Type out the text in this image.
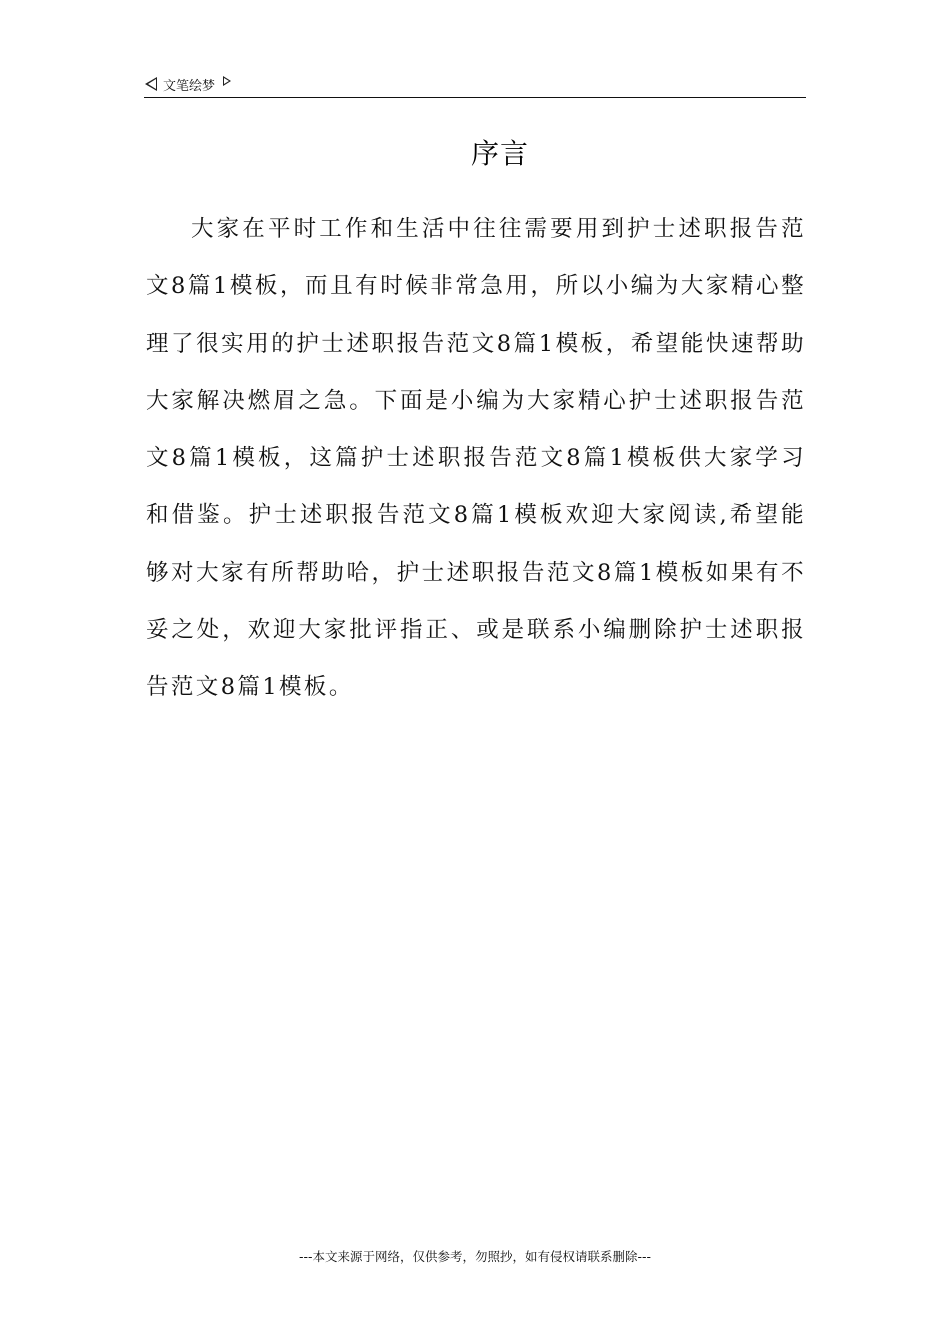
文笔绘梦
序言

大家在平时工作和生活中往往需要用到护士述职报告范文8篇1模板，而且有时候非常急用，所以小编为大家精心整理了很实用的护士述职报告范文8篇1模板，希望能快速帮助大家解决燃眉之急。下面是小编为大家精心护士述职报告范文8篇1模板，这篇护士述职报告范文8篇1模板供大家学习和借鉴。护士述职报告范文8篇1模板欢迎大家阅读,希望能够对大家有所帮助哈，护士述职报告范文8篇1模板如果有不妥之处，欢迎大家批评指正、或是联系小编删除护士述职报告范文8篇1模板。

---本文来源于网络，仅供参考，勿照抄，如有侵权请联系删除---
